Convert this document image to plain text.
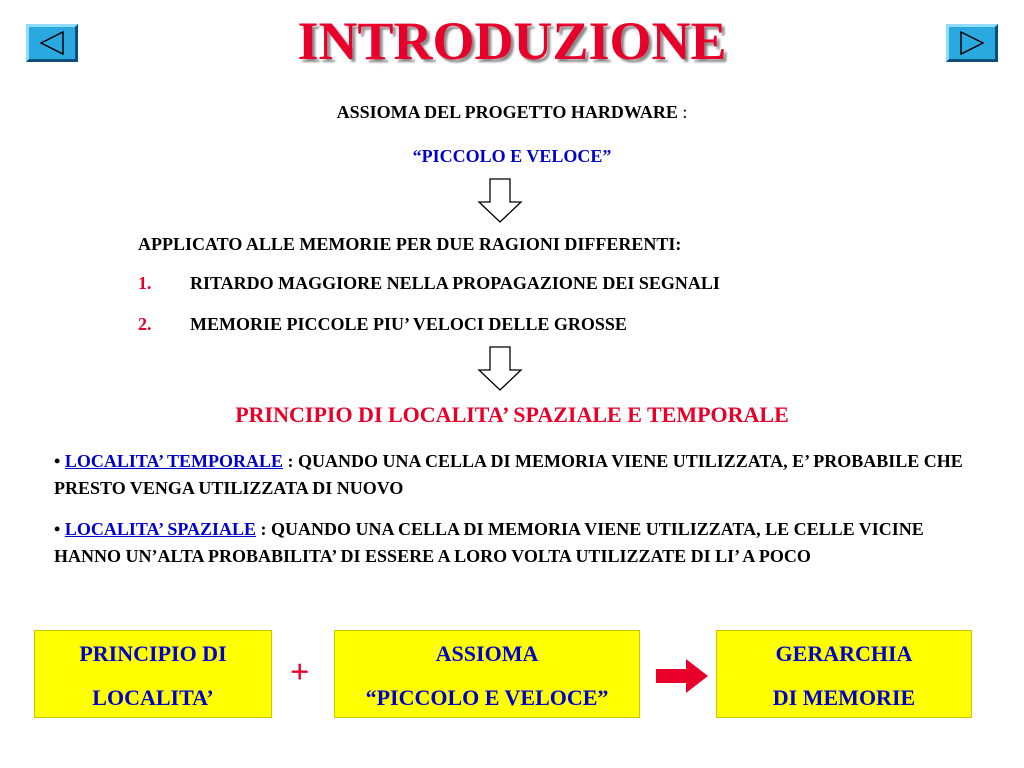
INTRODUZIONE
ASSIOMA DEL PROGETTO HARDWARE :
“PICCOLO E VELOCE”
APPLICATO ALLE MEMORIE PER DUE RAGIONI DIFFERENTI:
1. RITARDO MAGGIORE NELLA PROPAGAZIONE DEI SEGNALI
2. MEMORIE PICCOLE PIU’ VELOCI DELLE GROSSE
PRINCIPIO DI LOCALITA’ SPAZIALE E TEMPORALE
• LOCALITA’ TEMPORALE : QUANDO UNA CELLA DI MEMORIA VIENE UTILIZZATA, E’ PROBABILE CHE PRESTO VENGA UTILIZZATA DI NUOVO
• LOCALITA’ SPAZIALE : QUANDO UNA CELLA DI MEMORIA VIENE UTILIZZATA, LE CELLE VICINE HANNO UN’ALTA PROBABILITA’ DI ESSERE A LORO VOLTA UTILIZZATE DI LI’ A POCO
PRINCIPIO DI
LOCALITA’
+
ASSIOMA
“PICCOLO E VELOCE”
GERARCHIA
DI MEMORIE
